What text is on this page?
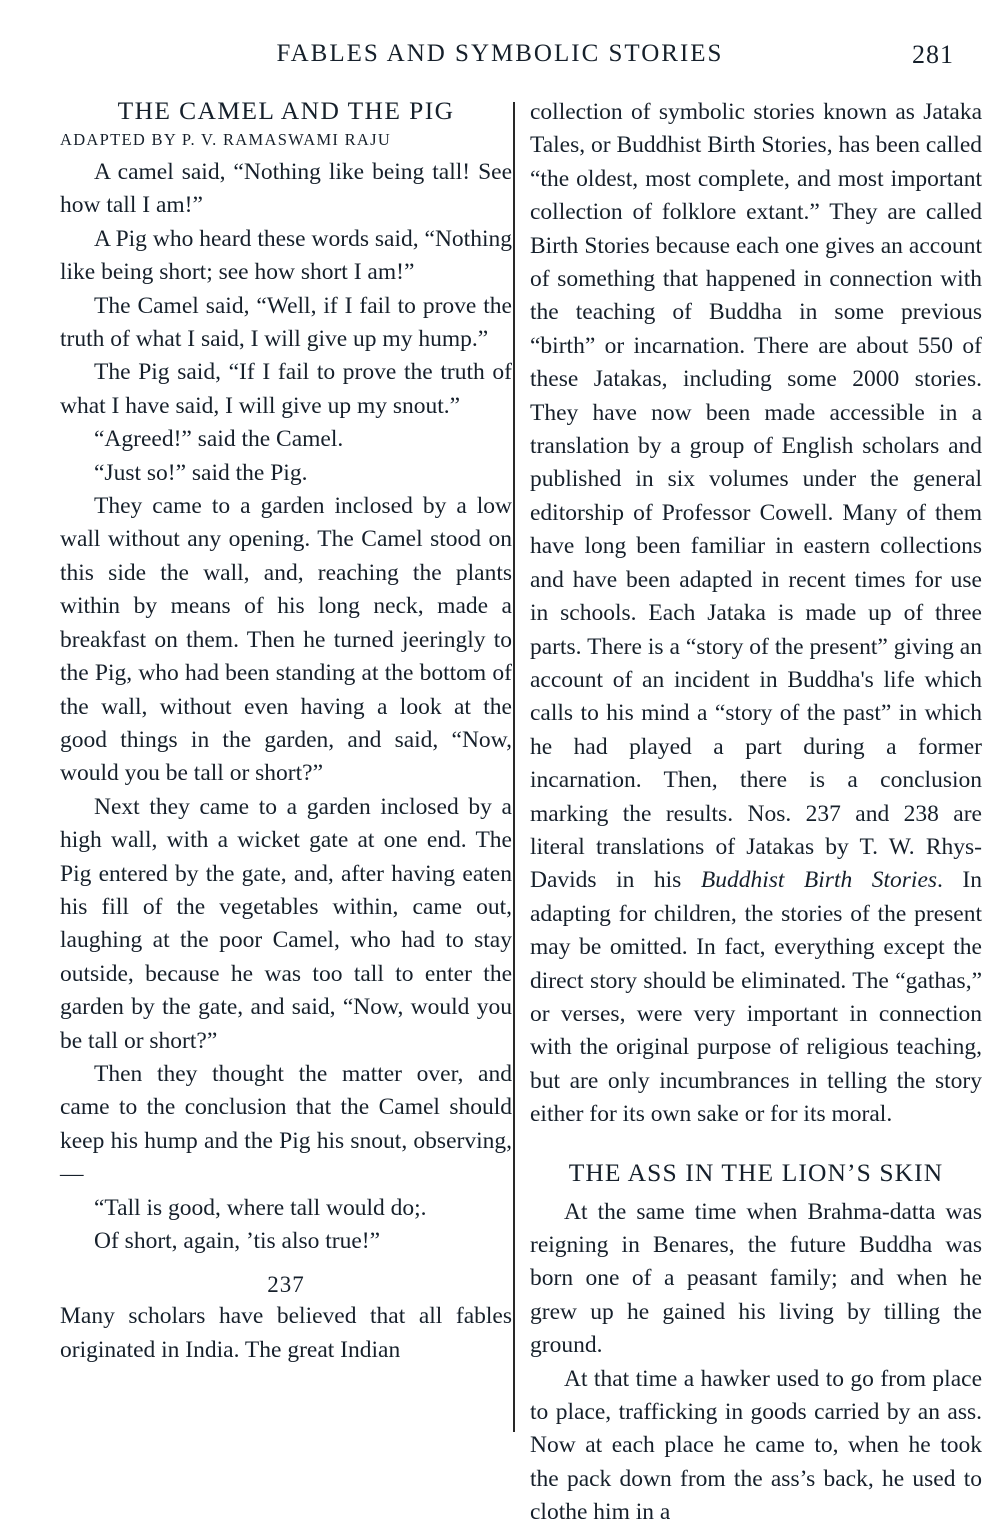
FABLES AND SYMBOLIC STORIES	281
THE CAMEL AND THE PIG
ADAPTED BY P. V. RAMASWAMI RAJU

A camel said, “Nothing like being tall! See how tall I am!”

A Pig who heard these words said, “Nothing like being short; see how short I am!”

The Camel said, “Well, if I fail to prove the truth of what I said, I will give up my hump.”

The Pig said, “If I fail to prove the truth of what I have said, I will give up my snout.”

“Agreed!” said the Camel.

“Just so!” said the Pig.

They came to a garden inclosed by a low wall without any opening. The Camel stood on this side the wall, and, reaching the plants within by means of his long neck, made a breakfast on them. Then he turned jeeringly to the Pig, who had been standing at the bottom of the wall, without even having a look at the good things in the garden, and said, “Now, would you be tall or short?”

Next they came to a garden inclosed by a high wall, with a wicket gate at one end. The Pig entered by the gate, and, after having eaten his fill of the vegetables within, came out, laughing at the poor Camel, who had to stay outside, because he was too tall to enter the garden by the gate, and said, “Now, would you be tall or short?”

Then they thought the matter over, and came to the conclusion that the Camel should keep his hump and the Pig his snout, observing,—

“Tall is good, where tall would do;.

Of short, again, ’tis also true!”

237

Many scholars have believed that all fables originated in India. The great Indian

collection of symbolic stories known as Jataka Tales, or Buddhist Birth Stories, has been called “the oldest, most complete, and most important collection of folklore extant.” They are called Birth Stories because each one gives an account of something that happened in connection with the teaching of Buddha in some previous “birth” or incarnation. There are about 550 of these Jatakas, including some 2000 stories. They have now been made accessible in a translation by a group of English scholars and published in six volumes under the general editorship of Professor Cowell. Many of them have long been familiar in eastern collections and have been adapted in recent times for use in schools. Each Jataka is made up of three parts. There is a “story of the present” giving an account of an incident in Buddha's life which calls to his mind a “story of the past” in which he had played a part during a former incarnation. Then, there is a conclusion marking the results. Nos. 237 and 238 are literal translations of Jatakas by T. W. Rhys-Davids in his Buddhist Birth Stories. In adapting for children, the stories of the present may be omitted. In fact, everything except the direct story should be eliminated. The “gathas,” or verses, were very important in connection with the original purpose of religious teaching, but are only incumbrances in telling the story either for its own sake or for its moral.

THE ASS IN THE LION’S SKIN

At the same time when Brahma-datta was reigning in Benares, the future Buddha was born one of a peasant family; and when he grew up he gained his living by tilling the ground.

At that time a hawker used to go from place to place, trafficking in goods carried by an ass. Now at each place he came to, when he took the pack down from the ass’s back, he used to clothe him in a
